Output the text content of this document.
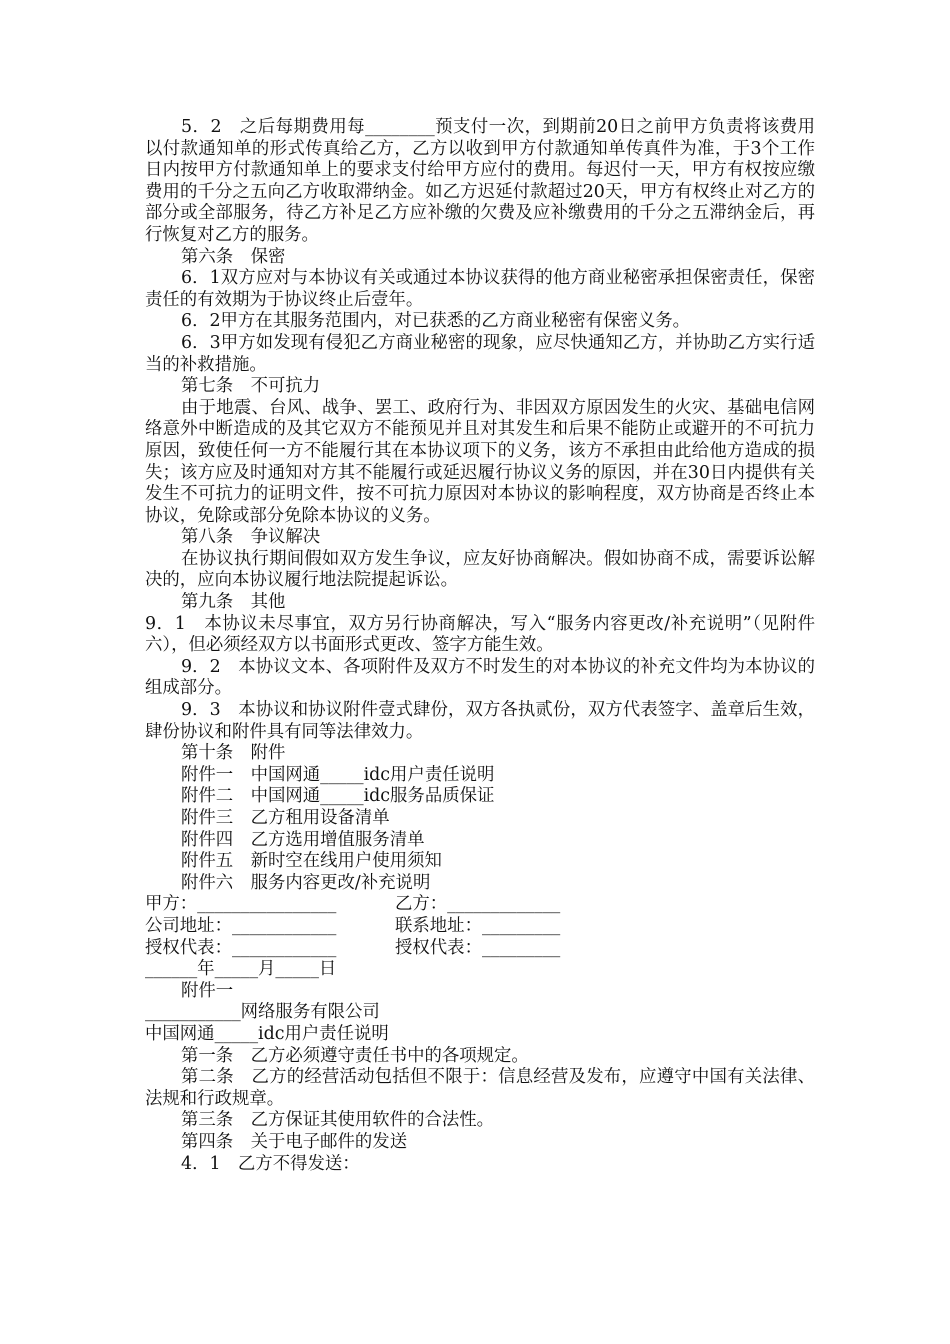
5．2　之后每期费用每________预支付一次，到期前20日之前甲方负责将该费用以付款通知单的形式传真给乙方，乙方以收到甲方付款通知单传真件为准，于3个工作日内按甲方付款通知单上的要求支付给甲方应付的费用。每迟付一天，甲方有权按应缴费用的千分之五向乙方收取滞纳金。如乙方迟延付款超过20天，甲方有权终止对乙方的部分或全部服务，待乙方补足乙方应补缴的欠费及应补缴费用的千分之五滞纳金后，再行恢复对乙方的服务。

第六条　保密

6．1双方应对与本协议有关或通过本协议获得的他方商业秘密承担保密责任，保密责任的有效期为于协议终止后壹年。

6．2甲方在其服务范围内，对已获悉的乙方商业秘密有保密义务。

6．3甲方如发现有侵犯乙方商业秘密的现象，应尽快通知乙方，并协助乙方实行适当的补救措施。

第七条　不可抗力

由于地震、台风、战争、罢工、政府行为、非因双方原因发生的火灾、基础电信网络意外中断造成的及其它双方不能预见并且对其发生和后果不能防止或避开的不可抗力原因，致使任何一方不能履行其在本协议项下的义务，该方不承担由此给他方造成的损失；该方应及时通知对方其不能履行或延迟履行协议义务的原因，并在30日内提供有关发生不可抗力的证明文件，按不可抗力原因对本协议的影响程度，双方协商是否终止本协议，免除或部分免除本协议的义务。

第八条　争议解决

在协议执行期间假如双方发生争议，应友好协商解决。假如协商不成，需要诉讼解决的，应向本协议履行地法院提起诉讼。

第九条　其他

9．1　本协议未尽事宜，双方另行协商解决，写入“服务内容更改/补充说明”（见附件六），但必须经双方以书面形式更改、签字方能生效。

9．2　本协议文本、各项附件及双方不时发生的对本协议的补充文件均为本协议的组成部分。

9．3　本协议和协议附件壹式肆份，双方各执贰份，双方代表签字、盖章后生效，肆份协议和附件具有同等法律效力。

第十条　附件

附件一　中国网通_____idc用户责任说明

附件二　中国网通_____idc服务品质保证

附件三　乙方租用设备清单

附件四　乙方选用增值服务清单

附件五　新时空在线用户使用须知

附件六　服务内容更改/补充说明

甲方：________________	乙方：_____________
公司地址：____________	联系地址：_________
授权代表：____________	授权代表：_________
______年_____月_____日

附件一

___________网络服务有限公司

中国网通_____idc用户责任说明

第一条　乙方必须遵守责任书中的各项规定。

第二条　乙方的经营活动包括但不限于：信息经营及发布，应遵守中国有关法律、法规和行政规章。

第三条　乙方保证其使用软件的合法性。

第四条　关于电子邮件的发送

4．1　乙方不得发送：
